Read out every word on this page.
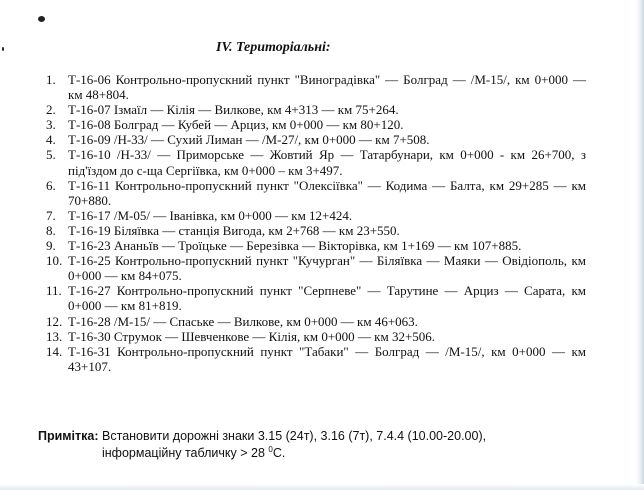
IV. Територіальні:
1. Т-16-06 Контрольно-пропускний пункт "Виноградівка" — Болград — /М-15/, км 0+000 — км 48+804.
2. Т-16-07 Ізмаїл — Кілія — Вилкове, км 4+313 — км 75+264.
3. Т-16-08 Болград — Кубей — Арциз, км 0+000 — км 80+120.
4. Т-16-09 /Н-33/ — Сухий Лиман — /М-27/, км 0+000 — км 7+508.
5. Т-16-10 /Н-33/ — Приморське — Жовтий Яр — Татарбунари, км 0+000 - км 26+700, з під'їздом до с-ща Сергіївка, км 0+000 – км 3+497.
6. Т-16-11 Контрольно-пропускний пункт "Олексіївка" — Кодима — Балта, км 29+285 — км 70+880.
7. Т-16-17 /М-05/ — Іванівка, км 0+000 — км 12+424.
8. Т-16-19 Біляївка — станція Вигода, км 2+768 — км 23+550.
9. Т-16-23 Ананьїв — Троїцьке — Березівка — Вікторівка, км 1+169 — км 107+885.
10. Т-16-25 Контрольно-пропускний пункт "Кучурган" — Біляївка — Маяки — Овідіополь, км 0+000 — км 84+075.
11. Т-16-27 Контрольно-пропускний пункт "Серпневе" — Тарутине — Арциз — Сарата, км 0+000 — км 81+819.
12. Т-16-28 /М-15/ — Спаське — Вилкове, км 0+000 — км 46+063.
13. Т-16-30 Струмок — Шевченкове — Кілія, км 0+000 — км 32+506.
14. Т-16-31 Контрольно-пропускний пункт "Табаки" — Болград — /М-15/, км 0+000 — км 43+107.
Примітка: Встановити дорожні знаки 3.15 (24т), 3.16 (7т), 7.4.4 (10.00-20.00),
інформаційну табличку > 28 $^0$С.
